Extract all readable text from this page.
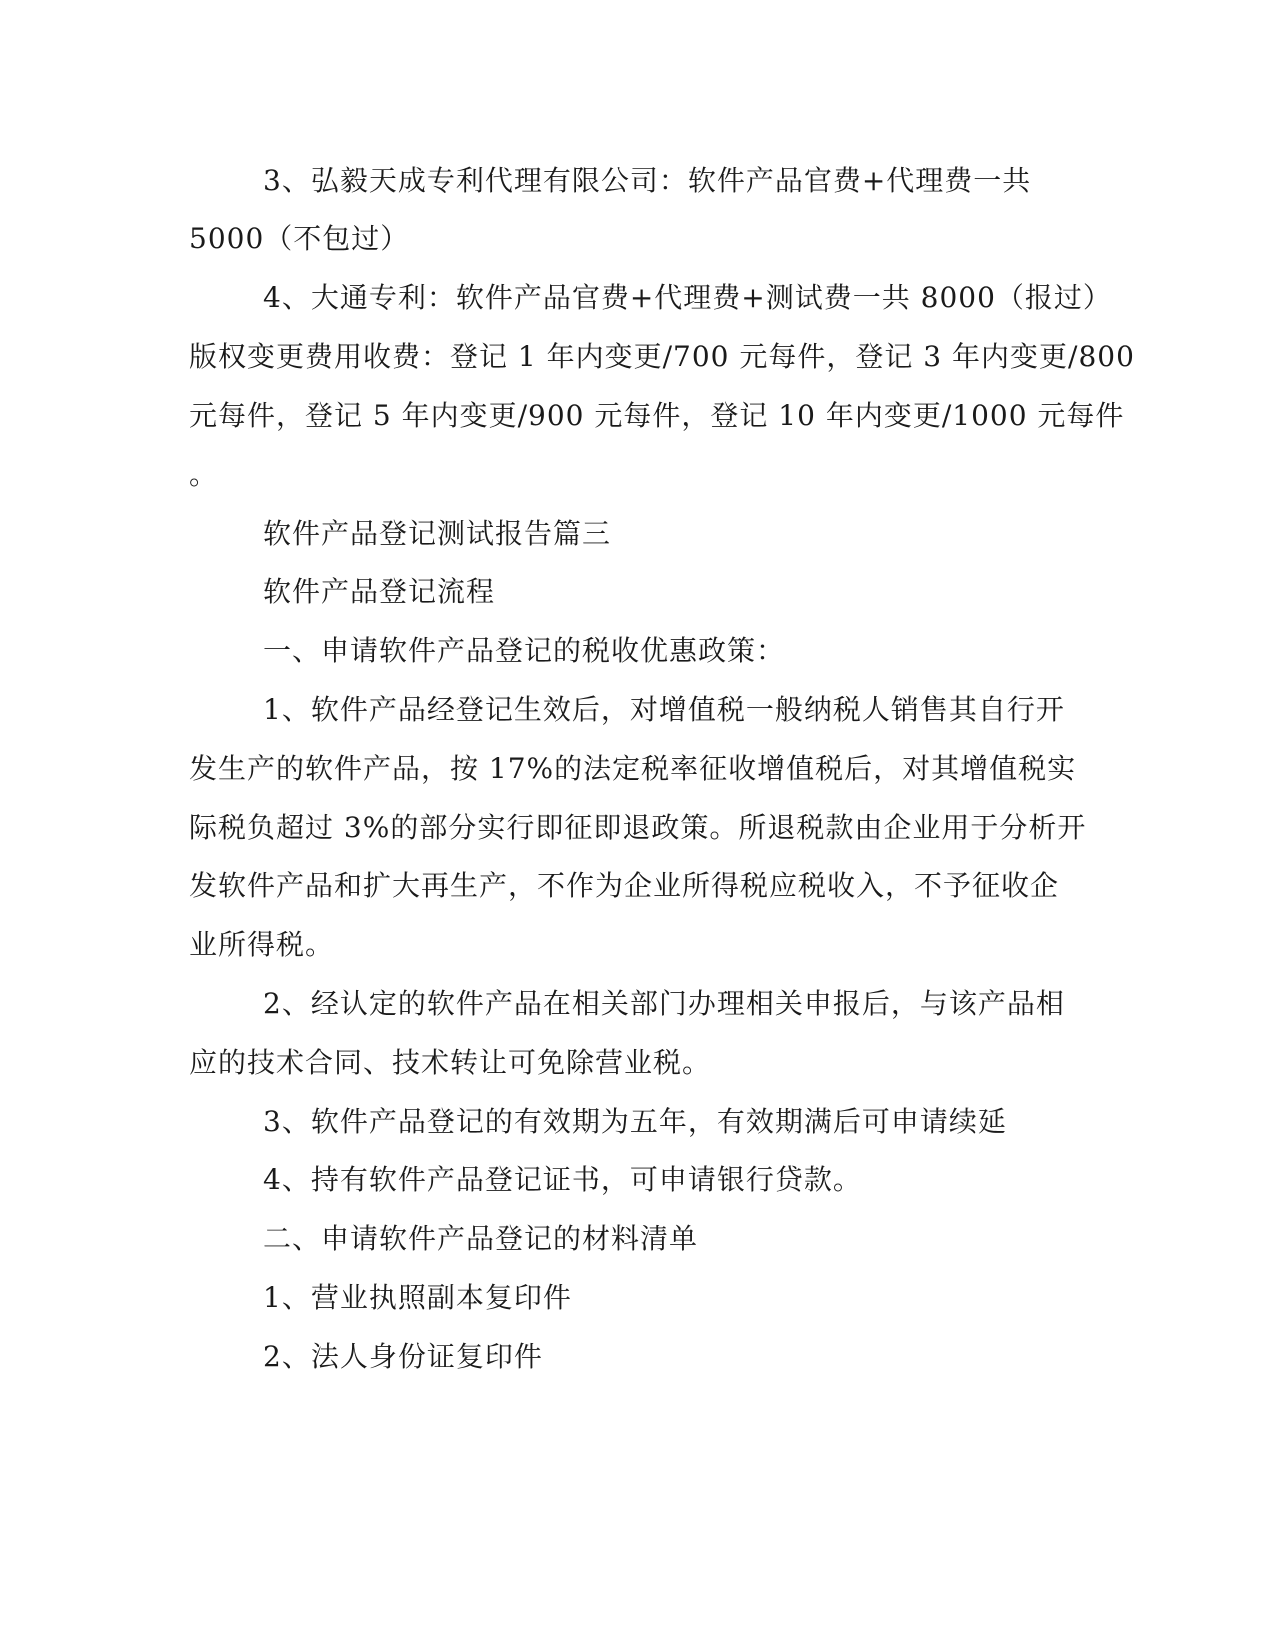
3、弘毅天成专利代理有限公司：软件产品官费+代理费一共
5000（不包过）
4、大通专利：软件产品官费+代理费+测试费一共 8000（报过）
版权变更费用收费：登记 1 年内变更/700 元每件，登记 3 年内变更/800
元每件，登记 5 年内变更/900 元每件，登记 10 年内变更/1000 元每件
。
软件产品登记测试报告篇三
软件产品登记流程
一、申请软件产品登记的税收优惠政策：
1、软件产品经登记生效后，对增值税一般纳税人销售其自行开
发生产的软件产品，按 17%的法定税率征收增值税后，对其增值税实
际税负超过 3%的部分实行即征即退政策。所退税款由企业用于分析开
发软件产品和扩大再生产，不作为企业所得税应税收入，不予征收企
业所得税。
2、经认定的软件产品在相关部门办理相关申报后，与该产品相
应的技术合同、技术转让可免除营业税。
3、软件产品登记的有效期为五年，有效期满后可申请续延
4、持有软件产品登记证书，可申请银行贷款。
二、申请软件产品登记的材料清单
1、营业执照副本复印件
2、法人身份证复印件
